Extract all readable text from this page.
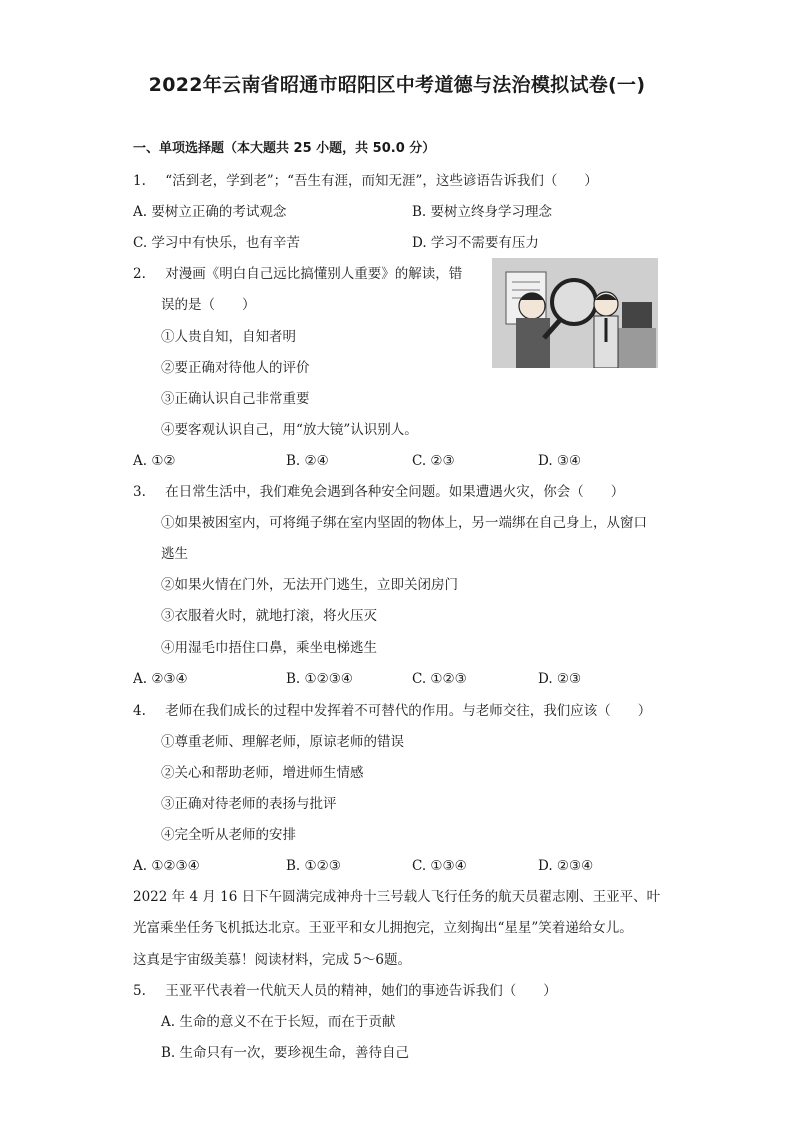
2022年云南省昭通市昭阳区中考道德与法治模拟试卷(一)
一、单项选择题（本大题共 25 小题，共 50.0 分）
1. “活到老，学到老”；“吾生有涯，而知无涯”，这些谚语告诉我们（　　）
A. 要树立正确的考试观念	B. 要树立终身学习理念
C. 学习中有快乐，也有辛苦	D. 学习不需要有压力
2. 对漫画《明白自己远比搞懂别人重要》的解读，错
误的是（　　）
①人贵自知，自知者明
②要正确对待他人的评价
③正确认识自己非常重要
④要客观认识自己，用“放大镜”认识别人。
A. ①②	B. ②④	C. ②③	D. ③④
3. 在日常生活中，我们难免会遇到各种安全问题。如果遭遇火灾，你会（　　）
①如果被困室内，可将绳子绑在室内坚固的物体上，另一端绑在自己身上，从窗口
逃生
②如果火情在门外，无法开门逃生，立即关闭房门
③衣服着火时，就地打滚，将火压灭
④用湿毛巾捂住口鼻，乘坐电梯逃生
A. ②③④	B. ①②③④	C. ①②③	D. ②③
4. 老师在我们成长的过程中发挥着不可替代的作用。与老师交往，我们应该（　　）
①尊重老师、理解老师，原谅老师的错误
②关心和帮助老师，增进师生情感
③正确对待老师的表扬与批评
④完全听从老师的安排
A. ①②③④	B. ①②③	C. ①③④	D. ②③④
2022 年 4 月 16 日下午圆满完成神舟十三号载人飞行任务的航天员翟志刚、王亚平、叶
光富乘坐任务飞机抵达北京。王亚平和女儿拥抱完，立刻掏出“星星”笑着递给女儿。
这真是宇宙级美慕！阅读材料，完成 5～6题。
5. 王亚平代表着一代航天人员的精神，她们的事迹告诉我们（　　）
A. 生命的意义不在于长短，而在于贡献
B. 生命只有一次，要珍视生命，善待自己
